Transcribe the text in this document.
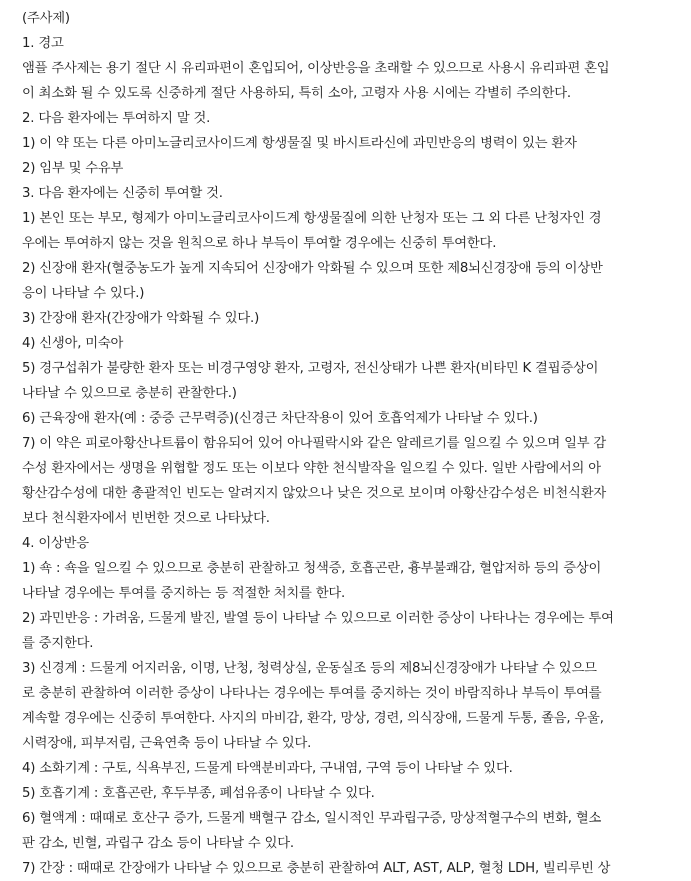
(주사제)
1. 경고
앰플 주사제는 용기 절단 시 유리파편이 혼입되어, 이상반응을 초래할 수 있으므로 사용시 유리파편 혼입
이 최소화 될 수 있도록 신중하게 절단 사용하되, 특히 소아, 고령자 사용 시에는 각별히 주의한다.
2. 다음 환자에는 투여하지 말 것.
1) 이 약 또는 다른 아미노글리코사이드계 항생물질 및 바시트라신에 과민반응의 병력이 있는 환자
2) 임부 및 수유부
3. 다음 환자에는 신중히 투여할 것.
1) 본인 또는 부모, 형제가 아미노글리코사이드계 항생물질에 의한 난청자 또는 그 외 다른 난청자인 경
우에는 투여하지 않는 것을 원칙으로 하나 부득이 투여할 경우에는 신중히 투여한다.
2) 신장애 환자(혈중농도가 높게 지속되어 신장애가 악화될 수 있으며 또한 제8뇌신경장애 등의 이상반
응이 나타날 수 있다.)
3) 간장애 환자(간장애가 악화될 수 있다.)
4) 신생아, 미숙아
5) 경구섭취가 불량한 환자 또는 비경구영양 환자, 고령자, 전신상태가 나쁜 환자(비타민 K 결핍증상이
나타날 수 있으므로 충분히 관찰한다.)
6) 근육장애 환자(예 : 중증 근무력증)(신경근 차단작용이 있어 호흡억제가 나타날 수 있다.)
7) 이 약은 피로아황산나트륨이 함유되어 있어 아나필락시와 같은 알레르기를 일으킬 수 있으며 일부 감
수성 환자에서는 생명을 위협할 정도 또는 이보다 약한 천식발작을 일으킬 수 있다. 일반 사람에서의 아
황산감수성에 대한 총괄적인 빈도는 알려지지 않았으나 낮은 것으로 보이며 아황산감수성은 비천식환자
보다 천식환자에서 빈번한 것으로 나타났다.
4. 이상반응
1) 쇽 : 쇽을 일으킬 수 있으므로 충분히 관찰하고 청색증, 호흡곤란, 흉부불쾌감, 혈압저하 등의 증상이
나타날 경우에는 투여를 중지하는 등 적절한 처치를 한다.
2) 과민반응 : 가려움, 드물게 발진, 발열 등이 나타날 수 있으므로 이러한 증상이 나타나는 경우에는 투여
를 중지한다.
3) 신경계 : 드물게 어지러움, 이명, 난청, 청력상실, 운동실조 등의 제8뇌신경장애가 나타날 수 있으므
로 충분히 관찰하여 이러한 증상이 나타나는 경우에는 투여를 중지하는 것이 바람직하나 부득이 투여를
계속할 경우에는 신중히 투여한다. 사지의 마비감, 환각, 망상, 경련, 의식장애, 드물게 두통, 졸음, 우울,
시력장애, 피부저림, 근육연축 등이 나타날 수 있다.
4) 소화기계 : 구토, 식욕부진, 드물게 타액분비과다, 구내염, 구역 등이 나타날 수 있다.
5) 호흡기계 : 호흡곤란, 후두부종, 폐섬유종이 나타날 수 있다.
6) 혈액계 : 때때로 호산구 증가, 드물게 백혈구 감소, 일시적인 무과립구증, 망상적혈구수의 변화, 혈소
판 감소, 빈혈, 과립구 감소 등이 나타날 수 있다.
7) 간장 : 때때로 간장애가 나타날 수 있으므로 충분히 관찰하여 ALT, AST, ALP, 혈청 LDH, 빌리루빈 상
